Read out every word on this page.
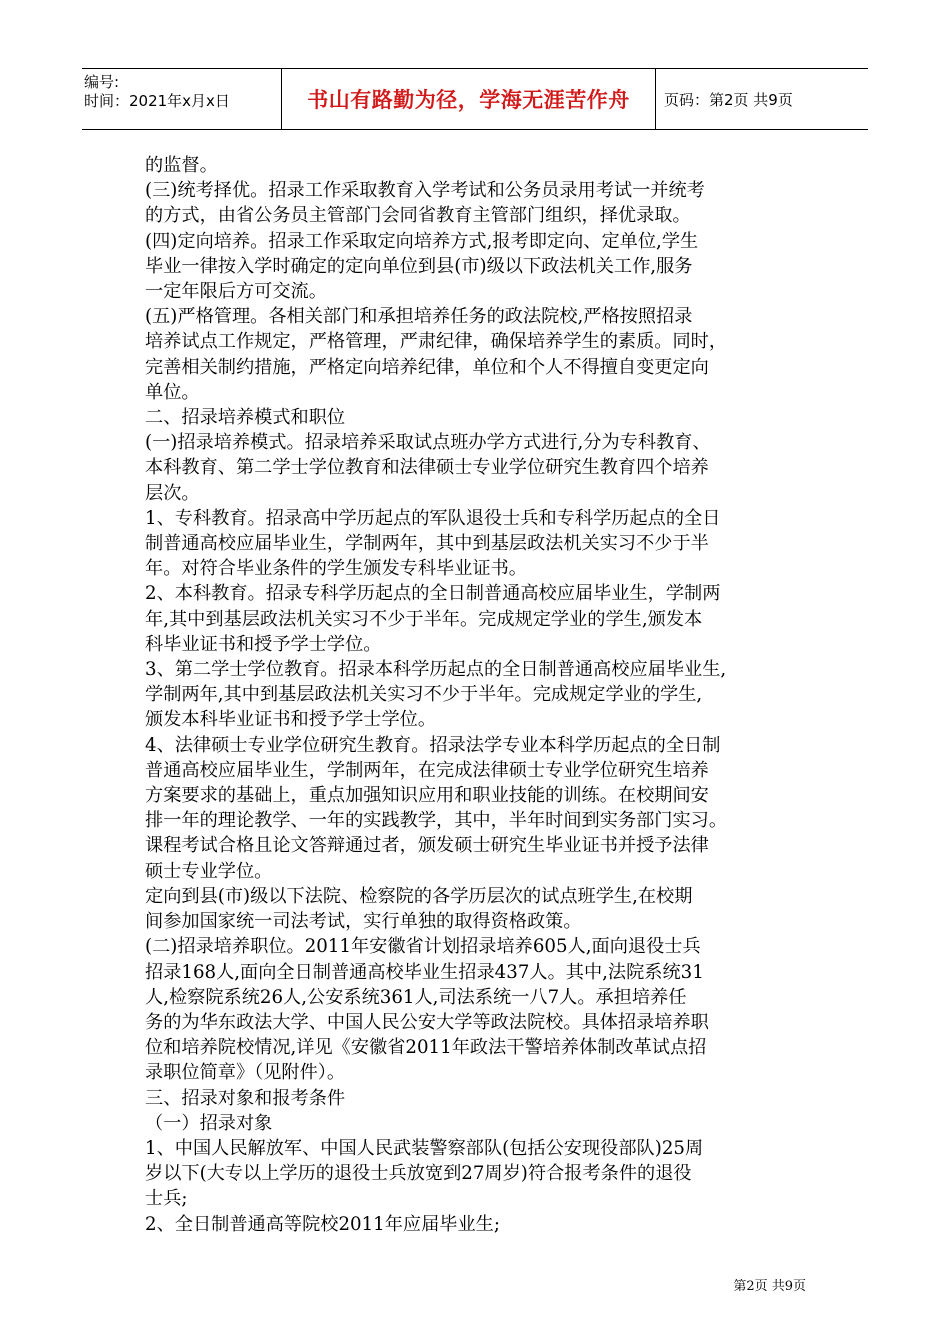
编号:
时间：2021年x月x日	书山有路勤为径，学海无涯苦作舟 页码：第2页 共9页

的监督。

(三)统考择优。招录工作采取教育入学考试和公务员录用考试一并统考
的方式，由省公务员主管部门会同省教育主管部门组织，择优录取。

(四)定向培养。招录工作采取定向培养方式,报考即定向、定单位,学生
毕业一律按入学时确定的定向单位到县(市)级以下政法机关工作,服务
一定年限后方可交流。

(五)严格管理。各相关部门和承担培养任务的政法院校,严格按照招录
培养试点工作规定，严格管理，严肃纪律，确保培养学生的素质。同时，
完善相关制约措施，严格定向培养纪律，单位和个人不得擅自变更定向
单位。

二、招录培养模式和职位

(一)招录培养模式。招录培养采取试点班办学方式进行,分为专科教育、
本科教育、第二学士学位教育和法律硕士专业学位研究生教育四个培养
层次。

1、专科教育。招录高中学历起点的军队退役士兵和专科学历起点的全日
制普通高校应届毕业生，学制两年，其中到基层政法机关实习不少于半
年。对符合毕业条件的学生颁发专科毕业证书。

2、本科教育。招录专科学历起点的全日制普通高校应届毕业生，学制两
年,其中到基层政法机关实习不少于半年。完成规定学业的学生,颁发本
科毕业证书和授予学士学位。

3、第二学士学位教育。招录本科学历起点的全日制普通高校应届毕业生,
学制两年,其中到基层政法机关实习不少于半年。完成规定学业的学生,
颁发本科毕业证书和授予学士学位。

4、法律硕士专业学位研究生教育。招录法学专业本科学历起点的全日制
普通高校应届毕业生，学制两年，在完成法律硕士专业学位研究生培养
方案要求的基础上，重点加强知识应用和职业技能的训练。在校期间安
排一年的理论教学、一年的实践教学，其中，半年时间到实务部门实习。
课程考试合格且论文答辩通过者，颁发硕士研究生毕业证书并授予法律
硕士专业学位。

定向到县(市)级以下法院、检察院的各学历层次的试点班学生,在校期
间参加国家统一司法考试，实行单独的取得资格政策。

(二)招录培养职位。2011年安徽省计划招录培养605人,面向退役士兵
招录168人,面向全日制普通高校毕业生招录437人。其中,法院系统31
人,检察院系统26人,公安系统361人,司法系统一八7人。承担培养任
务的为华东政法大学、中国人民公安大学等政法院校。具体招录培养职
位和培养院校情况,详见《安徽省2011年政法干警培养体制改革试点招
录职位简章》（见附件）。

三、招录对象和报考条件

（一）招录对象

1、中国人民解放军、中国人民武装警察部队(包括公安现役部队)25周
岁以下(大专以上学历的退役士兵放宽到27周岁)符合报考条件的退役
士兵;

2、全日制普通高等院校2011年应届毕业生;

第2页 共9页
